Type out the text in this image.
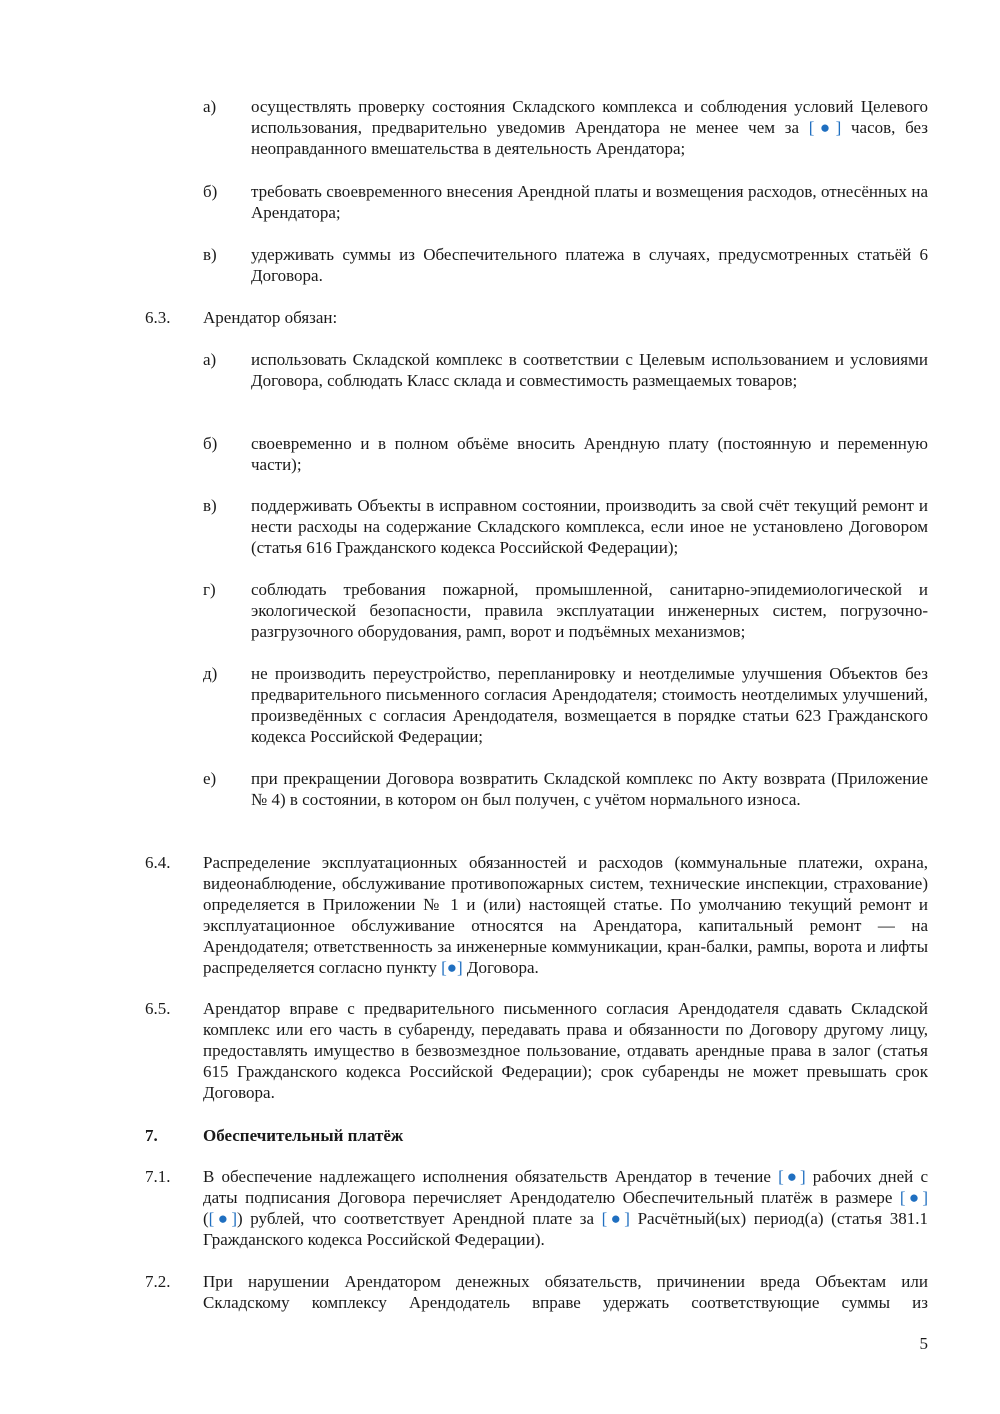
а)	осуществлять проверку состояния Складского комплекса и соблюдения условий Целевого использования, предварительно уведомив Арендатора не менее чем за [●] часов, без неоправданного вмешательства в деятельность Арендатора;
б)	требовать своевременного внесения Арендной платы и возмещения расходов, отнесённых на Арендатора;
в)	удерживать суммы из Обеспечительного платежа в случаях, предусмотренных статьёй 6 Договора.
6.3.	Арендатор обязан:
а)	использовать Складской комплекс в соответствии с Целевым использованием и условиями Договора, соблюдать Класс склада и совместимость размещаемых товаров;
б)	своевременно и в полном объёме вносить Арендную плату (постоянную и переменную части);
в)	поддерживать Объекты в исправном состоянии, производить за свой счёт текущий ремонт и нести расходы на содержание Складского комплекса, если иное не установлено Договором (статья 616 Гражданского кодекса Российской Федерации);
г)	соблюдать требования пожарной, промышленной, санитарно-эпидемиологической и экологической безопасности, правила эксплуатации инженерных систем, погрузочно-разгрузочного оборудования, рамп, ворот и подъёмных механизмов;
д)	не производить переустройство, перепланировку и неотделимые улучшения Объектов без предварительного письменного согласия Арендодателя; стоимость неотделимых улучшений, произведённых с согласия Арендодателя, возмещается в порядке статьи 623 Гражданского кодекса Российской Федерации;
е)	при прекращении Договора возвратить Складской комплекс по Акту возврата (Приложение № 4) в состоянии, в котором он был получен, с учётом нормального износа.
6.4.	Распределение эксплуатационных обязанностей и расходов (коммунальные платежи, охрана, видеонаблюдение, обслуживание противопожарных систем, технические инспекции, страхование) определяется в Приложении № 1 и (или) настоящей статье. По умолчанию текущий ремонт и эксплуатационное обслуживание относятся на Арендатора, капитальный ремонт — на Арендодателя; ответственность за инженерные коммуникации, кран-балки, рампы, ворота и лифты распределяется согласно пункту [●] Договора.
6.5.	Арендатор вправе с предварительного письменного согласия Арендодателя сдавать Складской комплекс или его часть в субаренду, передавать права и обязанности по Договору другому лицу, предоставлять имущество в безвозмездное пользование, отдавать арендные права в залог (статья 615 Гражданского кодекса Российской Федерации); срок субаренды не может превышать срок Договора.
7.	Обеспечительный платёж
7.1.	В обеспечение надлежащего исполнения обязательств Арендатор в течение [●] рабочих дней с даты подписания Договора перечисляет Арендодателю Обеспечительный платёж в размере [●] ([●]) рублей, что соответствует Арендной плате за [●] Расчётный(ых) период(а) (статья 381.1 Гражданского кодекса Российской Федерации).
7.2.	При нарушении Арендатором денежных обязательств, причинении вреда Объектам или Складскому комплексу Арендодатель вправе удержать соответствующие суммы из
5
